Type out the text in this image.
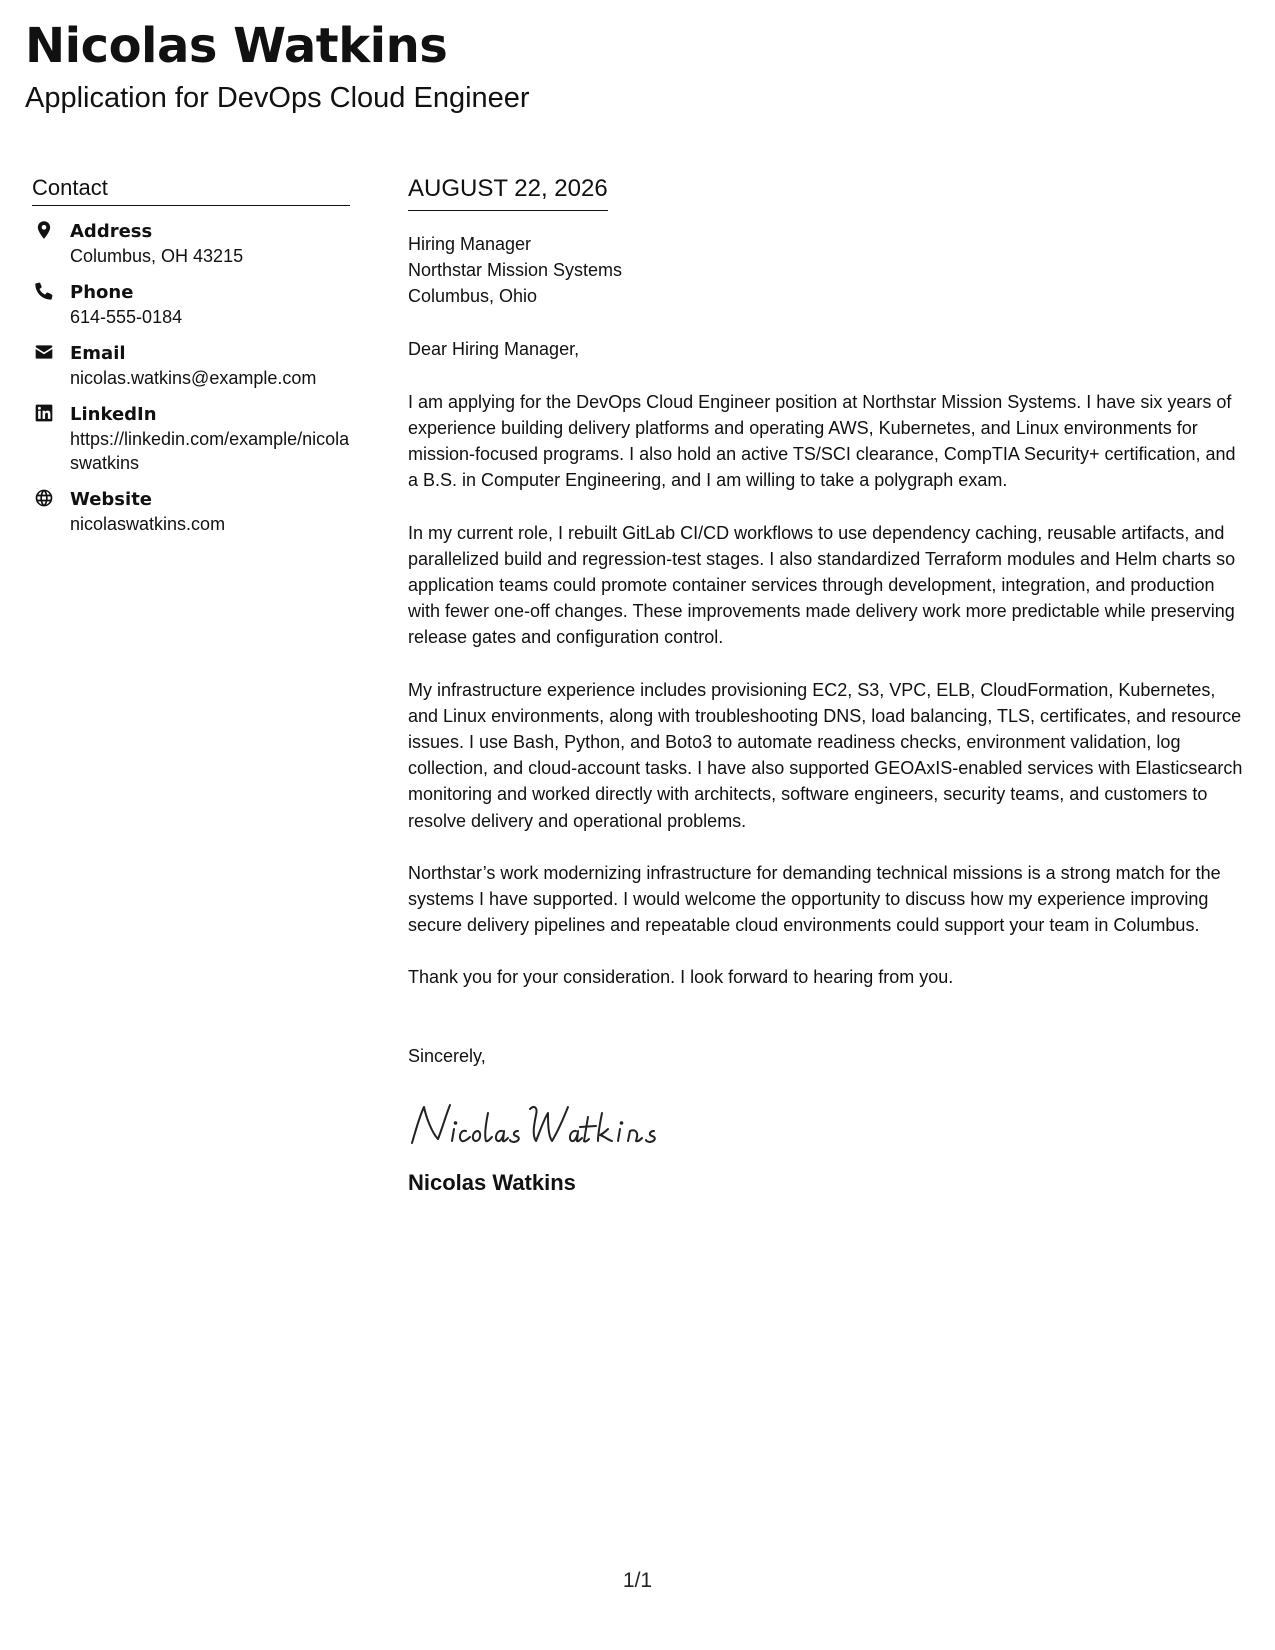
Nicolas Watkins
Application for DevOps Cloud Engineer
Contact
Address
Columbus, OH 43215
Phone
614-555-0184
Email
nicolas.watkins@example.com
LinkedIn
https://linkedin.com/example/nicolaswatkins
Website
nicolaswatkins.com
AUGUST 22, 2026
Hiring Manager
Northstar Mission Systems
Columbus, Ohio
Dear Hiring Manager,

I am applying for the DevOps Cloud Engineer position at Northstar Mission Systems. I have six years of experience building delivery platforms and operating AWS, Kubernetes, and Linux environments for mission-focused programs. I also hold an active TS/SCI clearance, CompTIA Security+ certification, and a B.S. in Computer Engineering, and I am willing to take a polygraph exam.

In my current role, I rebuilt GitLab CI/CD workflows to use dependency caching, reusable artifacts, and parallelized build and regression-test stages. I also standardized Terraform modules and Helm charts so application teams could promote container services through development, integration, and production with fewer one-off changes. These improvements made delivery work more predictable while preserving release gates and configuration control.

My infrastructure experience includes provisioning EC2, S3, VPC, ELB, CloudFormation, Kubernetes, and Linux environments, along with troubleshooting DNS, load balancing, TLS, certificates, and resource issues. I use Bash, Python, and Boto3 to automate readiness checks, environment validation, log collection, and cloud-account tasks. I have also supported GEOAxIS-enabled services with Elasticsearch monitoring and worked directly with architects, software engineers, security teams, and customers to resolve delivery and operational problems.

Northstar’s work modernizing infrastructure for demanding technical missions is a strong match for the systems I have supported. I would welcome the opportunity to discuss how my experience improving secure delivery pipelines and repeatable cloud environments could support your team in Columbus.

Thank you for your consideration. I look forward to hearing from you.

Sincerely,
Nicolas Watkins
1/1
